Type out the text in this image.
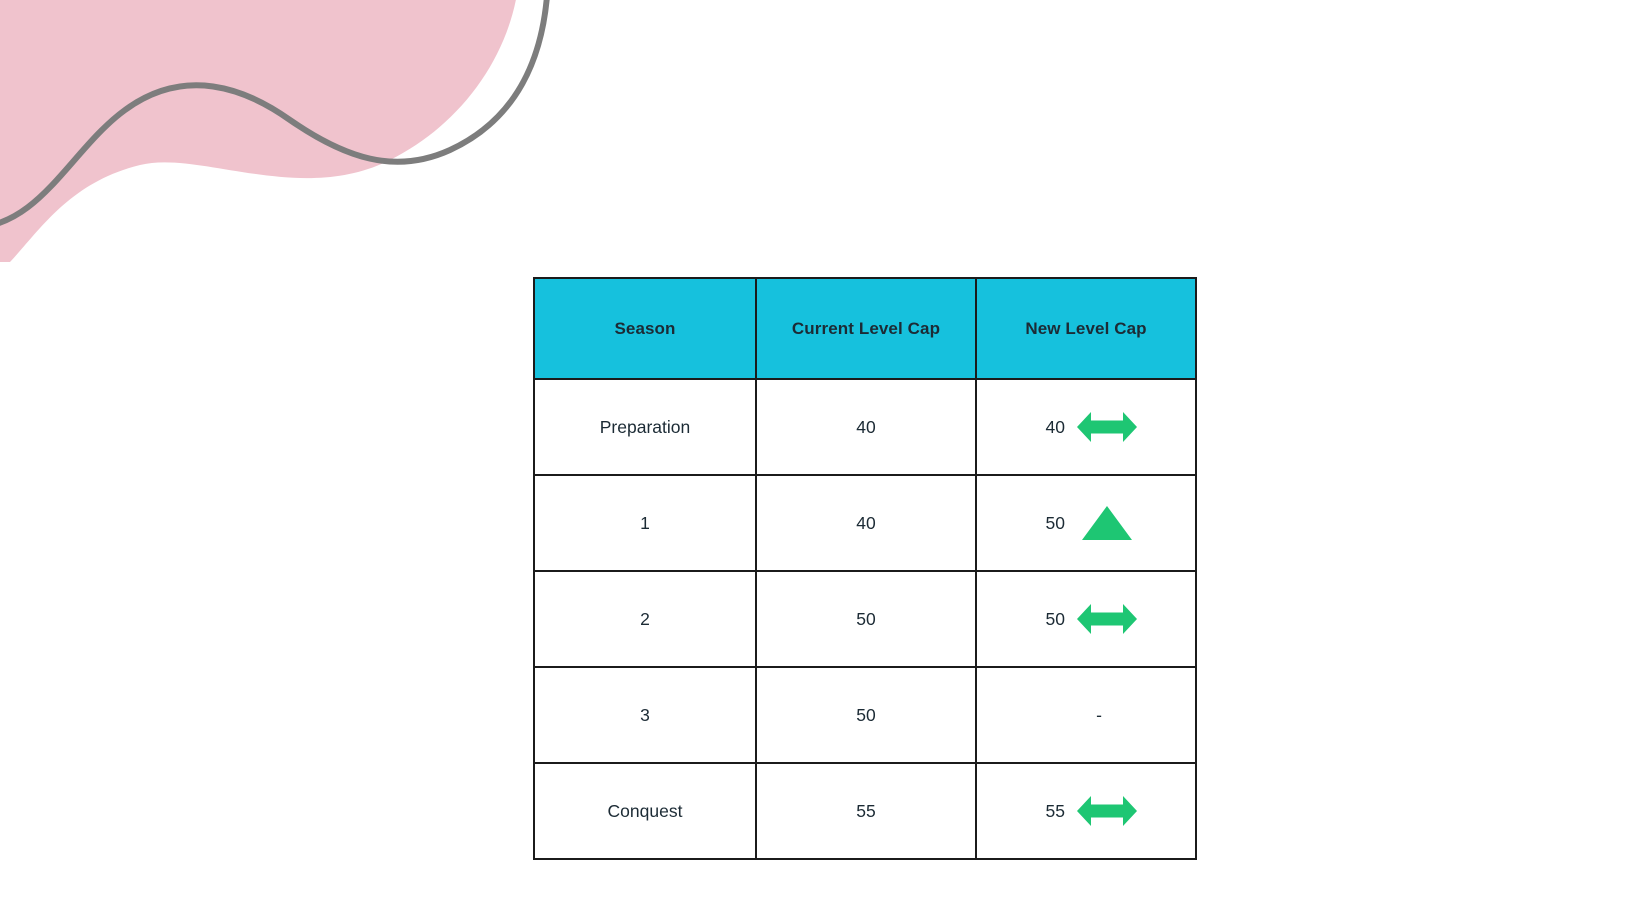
Season	Current Level Cap	New Level Cap
Preparation	40	40

1	40	50

2	50	50

3	50	-

Conquest	55	55
